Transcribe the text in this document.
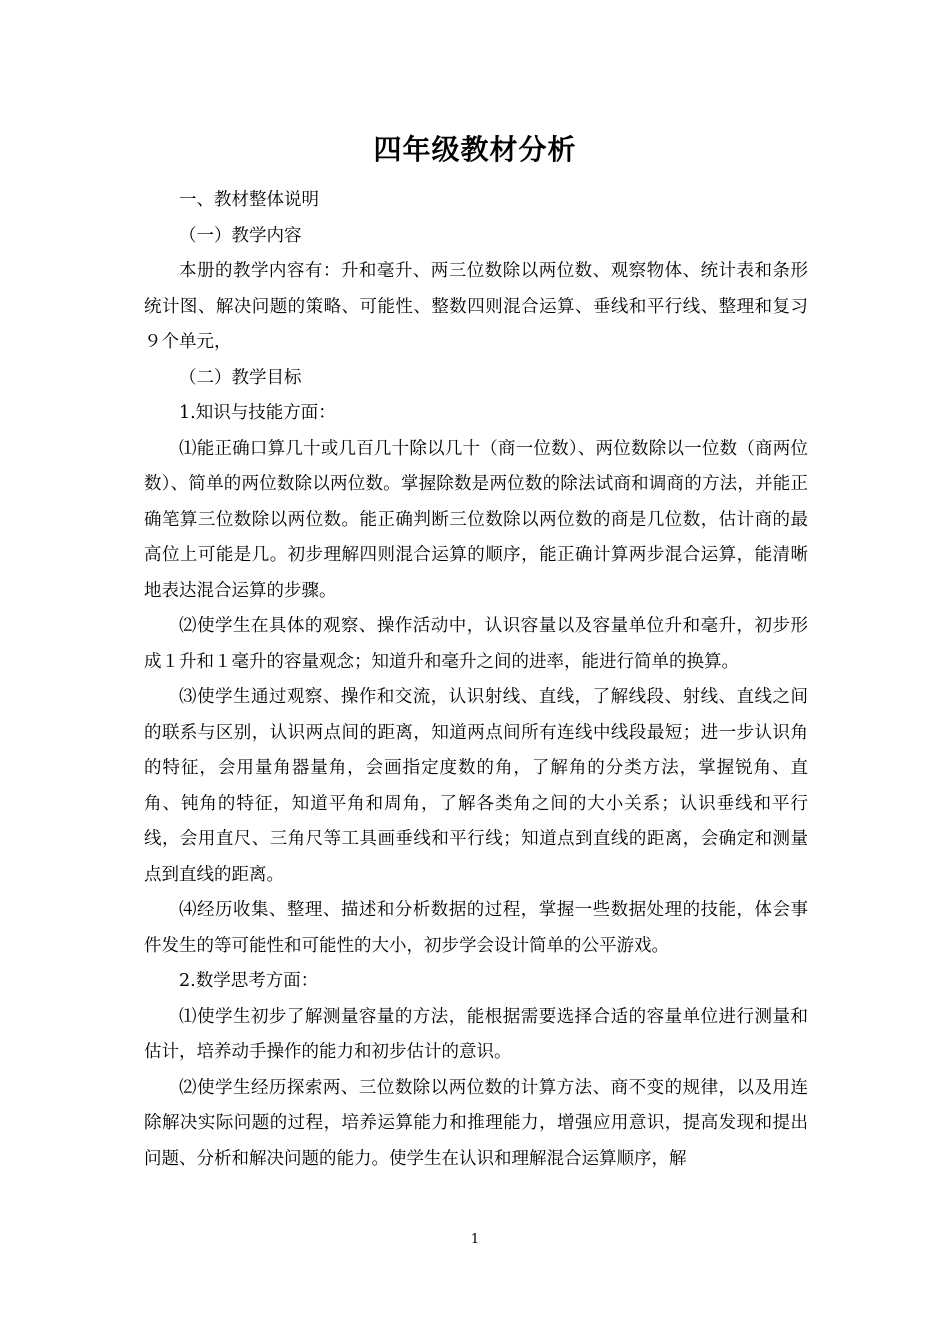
四年级教材分析

一、教材整体说明

（一）教学内容

本册的教学内容有：升和毫升、两三位数除以两位数、观察物体、统计表和条形统计图、解决问题的策略、可能性、整数四则混合运算、垂线和平行线、整理和复习９个单元，

（二）教学目标

1.知识与技能方面：

⑴能正确口算几十或几百几十除以几十（商一位数）、两位数除以一位数（商两位数）、简单的两位数除以两位数。掌握除数是两位数的除法试商和调商的方法，并能正确笔算三位数除以两位数。能正确判断三位数除以两位数的商是几位数，估计商的最高位上可能是几。初步理解四则混合运算的顺序，能正确计算两步混合运算，能清晰地表达混合运算的步骤。

⑵使学生在具体的观察、操作活动中，认识容量以及容量单位升和毫升，初步形成１升和１毫升的容量观念；知道升和毫升之间的进率，能进行简单的换算。

⑶使学生通过观察、操作和交流，认识射线、直线，了解线段、射线、直线之间的联系与区别，认识两点间的距离，知道两点间所有连线中线段最短；进一步认识角的特征，会用量角器量角，会画指定度数的角，了解角的分类方法，掌握锐角、直角、钝角的特征，知道平角和周角，了解各类角之间的大小关系；认识垂线和平行线，会用直尺、三角尺等工具画垂线和平行线；知道点到直线的距离，会确定和测量点到直线的距离。

⑷经历收集、整理、描述和分析数据的过程，掌握一些数据处理的技能，体会事件发生的等可能性和可能性的大小，初步学会设计简单的公平游戏。

2.数学思考方面：

⑴使学生初步了解测量容量的方法，能根据需要选择合适的容量单位进行测量和估计，培养动手操作的能力和初步估计的意识。

⑵使学生经历探索两、三位数除以两位数的计算方法、商不变的规律，以及用连除解决实际问题的过程，培养运算能力和推理能力，增强应用意识，提高发现和提出问题、分析和解决问题的能力。使学生在认识和理解混合运算顺序，解

1
